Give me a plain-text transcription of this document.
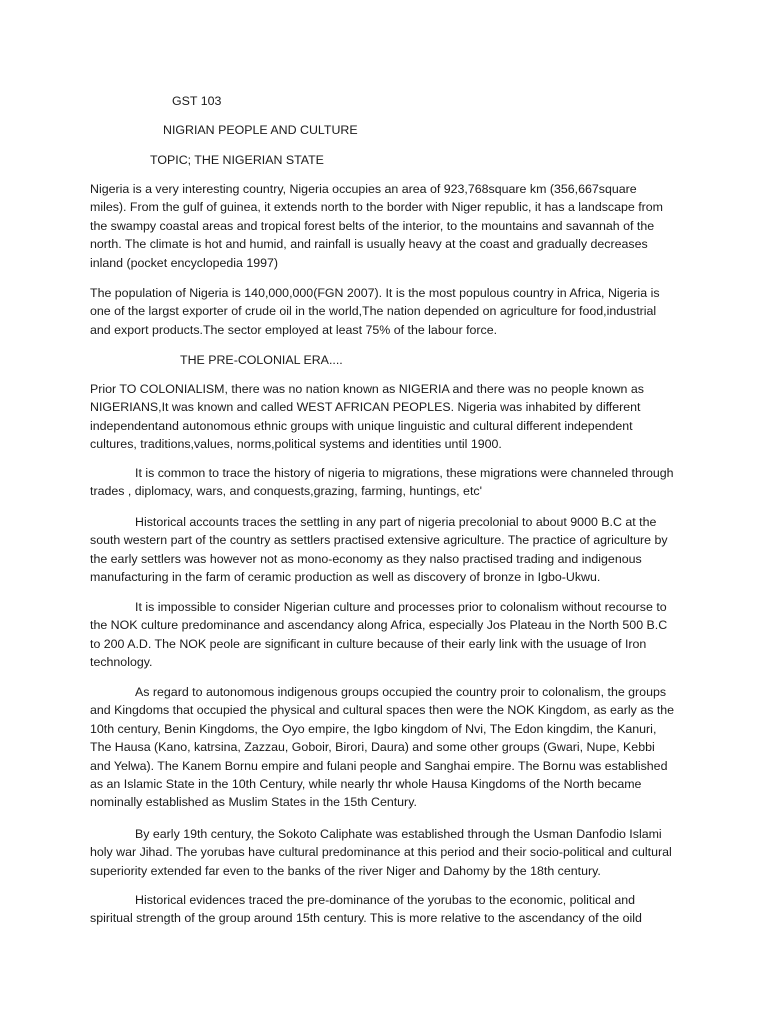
GST 103
NIGRIAN PEOPLE AND CULTURE
TOPIC; THE NIGERIAN STATE

Nigeria is a very interesting country, Nigeria occupies an area of 923,768square km (356,667square miles). From the gulf of guinea, it extends north to the border with Niger republic, it has a landscape from the swampy coastal areas and tropical forest belts of the interior, to the mountains and savannah of the north. The climate is hot and humid, and rainfall is usually heavy at the coast and gradually decreases inland (pocket encyclopedia 1997)

The population of Nigeria is 140,000,000(FGN 2007). It is the most populous country in Africa, Nigeria is one of the largst exporter of crude oil in the world,The nation depended on agriculture for food,industrial and export products.The sector employed at least 75% of the labour force.

THE PRE-COLONIAL ERA....

Prior TO COLONIALISM, there was no nation known as NIGERIA and there was no people known as NIGERIANS,It was known and called WEST AFRICAN PEOPLES. Nigeria was inhabited by different independentand autonomous ethnic groups with unique linguistic and cultural different independent cultures, traditions,values, norms,political systems and identities until 1900.

It is common to trace the history of nigeria to migrations, these migrations were channeled through trades , diplomacy, wars, and conquests,grazing, farming, huntings, etc'

Historical accounts traces the settling in any part of nigeria precolonial to about 9000 B.C at the south western part of the country as settlers practised extensive agriculture. The practice of agriculture by the early settlers was however not as mono-economy as they nalso practised trading and indigenous manufacturing in the farm of ceramic production as well as discovery of bronze in Igbo-Ukwu.

It is impossible to consider Nigerian culture and processes prior to colonalism without recourse to the NOK culture predominance and ascendancy along Africa, especially Jos Plateau in the North 500 B.C to 200 A.D. The NOK peole are significant in culture because of their early link with the usuage of Iron technology.

As regard to autonomous indigenous groups occupied the country proir to colonalism, the groups and Kingdoms that occupied the physical and cultural spaces then were the NOK Kingdom, as early as the 10th century, Benin Kingdoms, the Oyo empire, the Igbo kingdom of Nvi, The Edon kingdim, the Kanuri, The Hausa (Kano, katrsina, Zazzau, Goboir, Birori, Daura) and some other groups (Gwari, Nupe, Kebbi and Yelwa). The Kanem Bornu empire and fulani people and Sanghai empire. The Bornu was established as an Islamic State in the 10th Century, while nearly thr whole Hausa Kingdoms of the North became nominally established as Muslim States in the 15th Century.

By early 19th century, the Sokoto Caliphate was established through the Usman Danfodio Islami holy war Jihad. The yorubas have cultural predominance at this period and their socio-political and cultural superiority extended far even to the banks of the river Niger and Dahomy by the 18th century.

Historical evidences traced the pre-dominance of the yorubas to the economic, political and spiritual strength of the group around 15th century. This is more relative to the ascendancy of the oild
